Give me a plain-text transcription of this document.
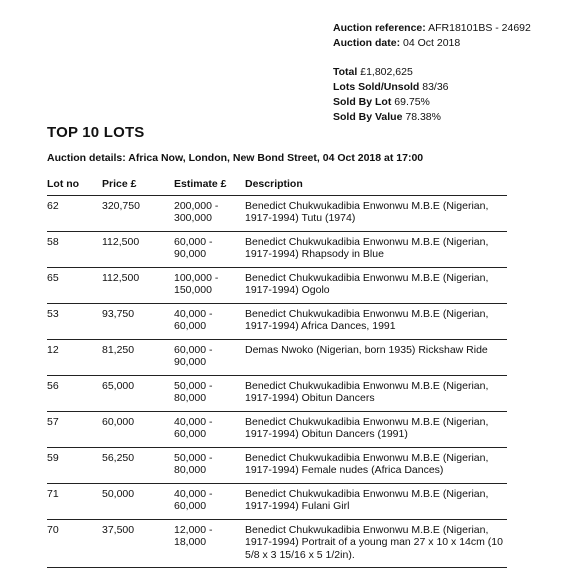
Auction reference: AFR18101BS - 24692
Auction date: 04 Oct 2018
Total £1,802,625
Lots Sold/Unsold 83/36
Sold By Lot 69.75%
Sold By Value 78.38%
TOP 10 LOTS
Auction details: Africa Now, London, New Bond Street, 04 Oct 2018 at 17:00
Lot no	Price £	Estimate £	Description
62	320,750	200,000 - 300,000	Benedict Chukwukadibia Enwonwu M.B.E (Nigerian, 1917-1994) Tutu (1974)
58	112,500	60,000 - 90,000	Benedict Chukwukadibia Enwonwu M.B.E (Nigerian, 1917-1994) Rhapsody in Blue
65	112,500	100,000 - 150,000	Benedict Chukwukadibia Enwonwu M.B.E (Nigerian, 1917-1994) Ogolo
53	93,750	40,000 - 60,000	Benedict Chukwukadibia Enwonwu M.B.E (Nigerian, 1917-1994) Africa Dances, 1991
12	81,250	60,000 - 90,000	Demas Nwoko (Nigerian, born 1935) Rickshaw Ride
56	65,000	50,000 - 80,000	Benedict Chukwukadibia Enwonwu M.B.E (Nigerian, 1917-1994) Obitun Dancers
57	60,000	40,000 - 60,000	Benedict Chukwukadibia Enwonwu M.B.E (Nigerian, 1917-1994) Obitun Dancers (1991)
59	56,250	50,000 - 80,000	Benedict Chukwukadibia Enwonwu M.B.E (Nigerian, 1917-1994) Female nudes (Africa Dances)
71	50,000	40,000 - 60,000	Benedict Chukwukadibia Enwonwu M.B.E (Nigerian, 1917-1994) Fulani Girl
70	37,500	12,000 - 18,000	Benedict Chukwukadibia Enwonwu M.B.E (Nigerian, 1917-1994) Portrait of a young man 27 x 10 x 14cm (10 5/8 x 3 15/16 x 5 1/2in).
